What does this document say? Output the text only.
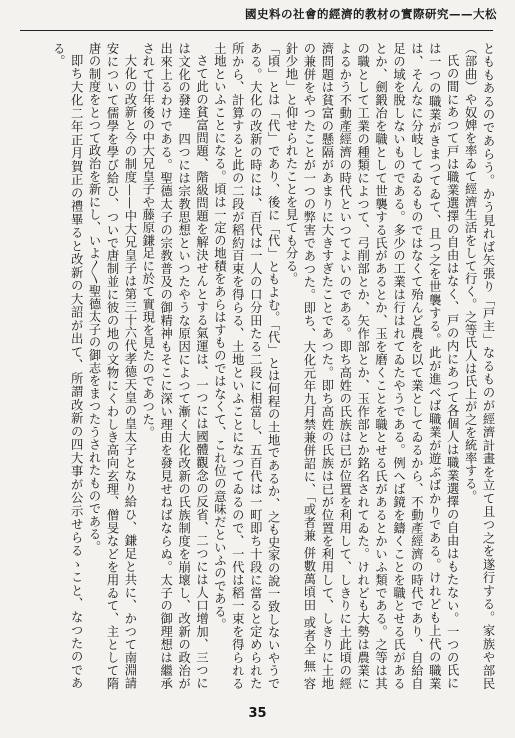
國史料の社會的經濟的教材の實際研究——大松

とももあるのであらう。かう見れば矢張り「戸主」なるものが經濟計畫を立て且つ之を遂行する。家族や部民（部曲）や奴婢を率ゐて經濟生活をして行く。之等氏人は氏上が之を統率する。

氏の間にあつて戸は職業選擇の自由はなく、戸の内にあつて各個人は職業選擇の自由はもたない。一つの氏には一つの職業がきまつてゐて、且つ之を世襲する。此が進べば職業が遊ぶばかりである。けれども上代の職業は、そんなに分岐してゐるものではなくて殆んど農を以て業としてゐるから、不動產經濟の時代であり、自給自足の域を脫しないものである。多少の工業は行はれてゐたやうである。例へば鏡を鑄くことを職とせる氏があるとか、劍鍛冶を職として世襲する氏があるとか、玉を磨くことを職とせる氏があるとかいふ類である。之等は其の職として工業の種類によつて、弓削部とか、矢作部とか、玉作部とか銘名されてゐた。けれども大勢は農業によるかう不動產經濟の時代といつてよいのである。即ち高姓の氏族は已が位置を利用して、しきりに土此頃の經濟問題は貧富の懸隔があまりに大きすぎたことであつた。即ち高姓の氏族は已が位置を利用して、しきりに土地の兼併をやつたことが一つの弊害であつた。即ち、大化元年九月禁兼併詔に、「或者兼 併數萬頃田 或者全 無 容針少地」と仰せられたことを見ても分る。

「頃」とは「代」であり、後に「代」ともよむ。「代」とは何程の土地であるか、之も史家の說一致しないやうである。大化の改新の時には、百代は一人の口分田たる二段に相當し、五百代は一町即ち十段に當ると定められた所から、計算すると此の二段が稻約百束を得らる、土地といふことになつてゐるので、一代は稻一束を得られる土地といふことになる。頃は一定の地積をあらはすものではなくて、これ位の意味だといふのである。

さて此の貧富問題、階級問題を解決せんとする氣運は、一つには國體觀念の反省、二つには人口增加、三つには文化の發達　四つには宗教思想といつたやうな原因によつて漸く大化改新の氏族制度を崩壞し、改新の政治が出來上るわけである。聖德太子の宗教普及の御精神もそこに深い理由を發見せねばならぬ。太子の御理想は繼承されて廿年後の中大兄皇子や藤原鎌足に於て實現を見たのであつた。

大化の改新と今の制度——中大兄皇子は第三十六代孝德天皇の皇太子となり給ひ、鎌足と共に、かつて南淵請安について儒學を學び給ひ、ついで唐制並に彼の地の文物にくわしき高向玄理、僧旻などを用ゐて、主として隋唐の制度をとつて政治を新にし、いよ〳〵聖德太子の御志をまつたうされたものである。

即ち大化二年正月賀正の禮畢ると改新の大詔が出て、所謂改新の四大事が公示せらるゝこと、なつたのである。

35
